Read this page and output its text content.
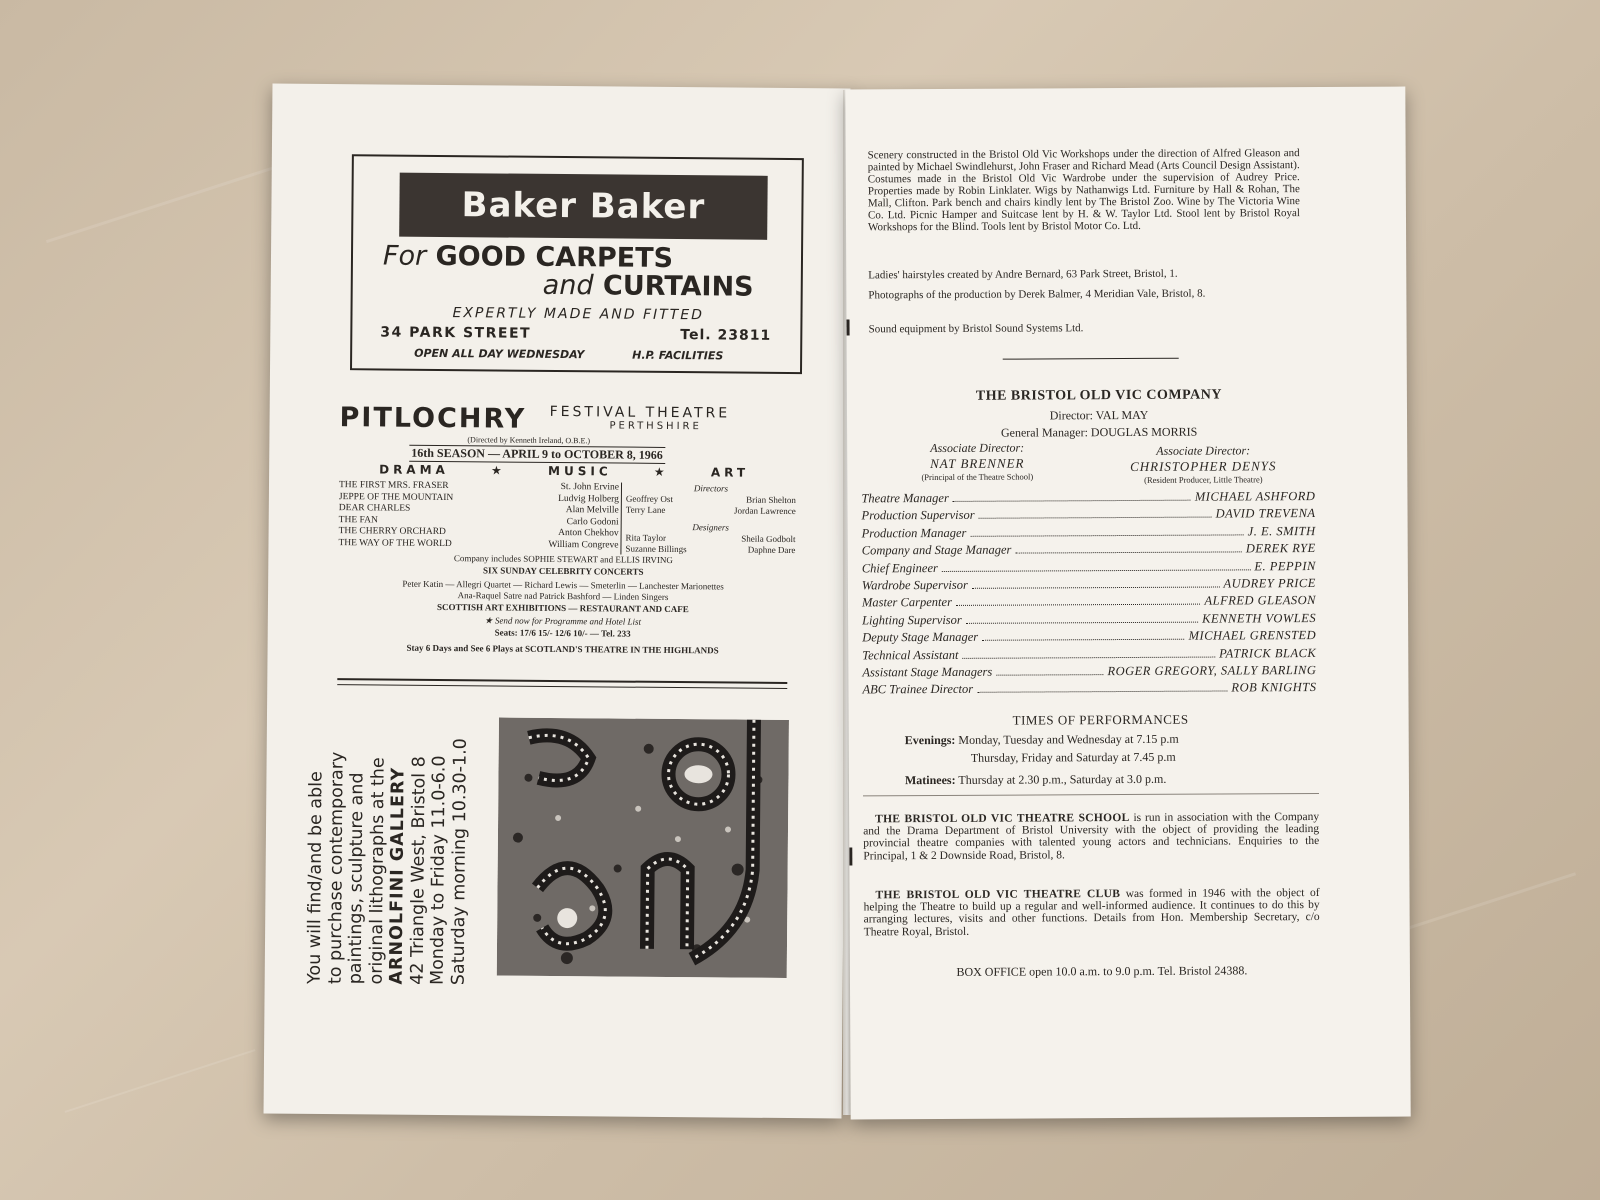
Baker Baker
For GOOD CARPETS
and CURTAINS
EXPERTLY MADE AND FITTED
34 PARK STREET	Tel. 23811
OPEN ALL DAY WEDNESDAY	H.P. FACILITIES
PITLOCHRY FESTIVAL THEATRE
PERTHSHIRE
(Directed by Kenneth Ireland, O.B.E.)
16th SEASON — APRIL 9 to OCTOBER 8, 1966
DRAMA	★	MUSIC	★	ART
THE FIRST MRS. FRASER	St. John Ervine
JEPPE OF THE MOUNTAIN	Ludvig Holberg
DEAR CHARLES	Alan Melville
THE FAN	Carlo Godoni
THE CHERRY ORCHARD	Anton Chekhov
THE WAY OF THE WORLD	William Congreve
Directors
Geoffrey Ost	Brian Shelton
Terry Lane	Jordan Lawrence
Designers
Rita Taylor	Sheila Godbolt
Suzanne Billings	Daphne Dare
Company includes SOPHIE STEWART and ELLIS IRVING
SIX SUNDAY CELEBRITY CONCERTS
Peter Katin — Allegri Quartet — Richard Lewis — Smeterlin — Lanchester Marionettes
Ana-Raquel Satre nad Patrick Bashford — Linden Singers
SCOTTISH ART EXHIBITIONS — RESTAURANT AND CAFE
★ Send now for Programme and Hotel List
Seats: 17/6 15/- 12/6 10/- — Tel. 233
Stay 6 Days and See 6 Plays at SCOTLAND'S THEATRE IN THE HIGHLANDS
You will find/and be able
to purchase contemporary
paintings, sculpture and
original lithographs at the
ARNOLFINI GALLERY
42 Triangle West, Bristol 8
Monday to Friday 11.0-6.0
Saturday morning 10.30-1.0
Scenery constructed in the Bristol Old Vic Workshops under the direction of Alfred Gleason and painted by Michael Swindlehurst, John Fraser and Richard Mead (Arts Council Design Assistant). Costumes made in the Bristol Old Vic Wardrobe under the supervision of Audrey Price. Properties made by Robin Linklater. Wigs by Nathanwigs Ltd. Furniture by Hall & Rohan, The Mall, Clifton. Park bench and chairs kindly lent by The Bristol Zoo. Wine by The Victoria Wine Co. Ltd. Picnic Hamper and Suitcase lent by H. & W. Taylor Ltd. Stool lent by Bristol Royal Workshops for the Blind. Tools lent by Bristol Motor Co. Ltd.
Ladies' hairstyles created by Andre Bernard, 63 Park Street, Bristol, 1.
Photographs of the production by Derek Balmer, 4 Meridian Vale, Bristol, 8.
Sound equipment by Bristol Sound Systems Ltd.
THE BRISTOL OLD VIC COMPANY
Director: VAL MAY
General Manager: DOUGLAS MORRIS
Associate Director:
NAT BRENNER
(Principal of the Theatre School)
Associate Director:
CHRISTOPHER DENYS
(Resident Producer, Little Theatre)
Theatre Manager	MICHAEL ASHFORD
Production Supervisor	DAVID TREVENA
Production Manager	J. E. SMITH
Company and Stage Manager	DEREK RYE
Chief Engineer	E. PEPPIN
Wardrobe Supervisor	AUDREY PRICE
Master Carpenter	ALFRED GLEASON
Lighting Supervisor	KENNETH VOWLES
Deputy Stage Manager	MICHAEL GRENSTED
Technical Assistant	PATRICK BLACK
Assistant Stage Managers	ROGER GREGORY, SALLY BARLING
ABC Trainee Director	ROB KNIGHTS
TIMES OF PERFORMANCES
Evenings: Monday, Tuesday and Wednesday at 7.15 p.m
Thursday, Friday and Saturday at 7.45 p.m
Matinees: Thursday at 2.30 p.m., Saturday at 3.0 p.m.
THE BRISTOL OLD VIC THEATRE SCHOOL is run in association with the Company and the Drama Department of Bristol University with the object of providing the leading provincial theatre companies with talented young actors and technicians. Enquiries to the Principal, 1 & 2 Downside Road, Bristol, 8.
THE BRISTOL OLD VIC THEATRE CLUB was formed in 1946 with the object of helping the Theatre to build up a regular and well-informed audience. It continues to do this by arranging lectures, visits and other functions. Details from Hon. Membership Secretary, c/o Theatre Royal, Bristol.
BOX OFFICE open 10.0 a.m. to 9.0 p.m. Tel. Bristol 24388.
